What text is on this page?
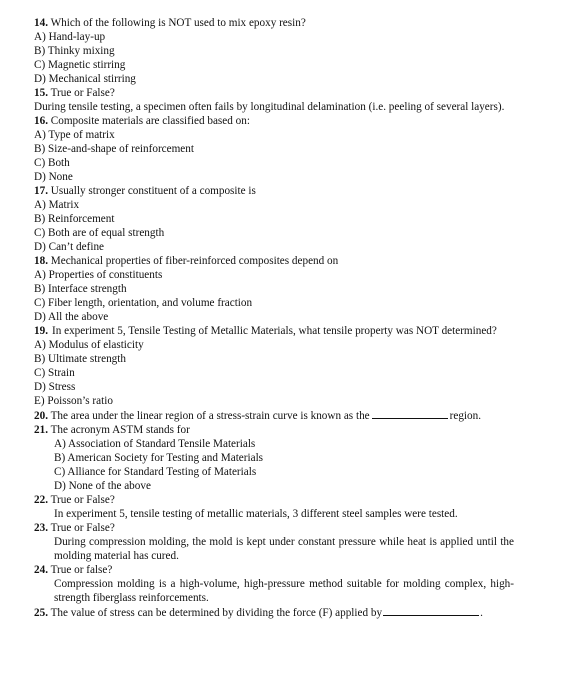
14. Which of the following is NOT used to mix epoxy resin?
A) Hand-lay-up
B) Thinky mixing
C) Magnetic stirring
D) Mechanical stirring
15. True or False?
During tensile testing, a specimen often fails by longitudinal delamination (i.e. peeling of several layers).
16. Composite materials are classified based on:
A) Type of matrix
B) Size-and-shape of reinforcement
C) Both
D) None
17. Usually stronger constituent of a composite is
A) Matrix
B) Reinforcement
C) Both are of equal strength
D) Can’t define
18. Mechanical properties of fiber-reinforced composites depend on
A) Properties of constituents
B) Interface strength
C) Fiber length, orientation, and volume fraction
D) All the above
19. In experiment 5, Tensile Testing of Metallic Materials, what tensile property was NOT determined?
A) Modulus of elasticity
B) Ultimate strength
C) Strain
D) Stress
E) Poisson’s ratio
20. The area under the linear region of a stress-strain curve is known as the	region.
21. The acronym ASTM stands for
A) Association of Standard Tensile Materials
B) American Society for Testing and Materials
C) Alliance for Standard Testing of Materials
D) None of the above
22. True or False?
In experiment 5, tensile testing of metallic materials, 3 different steel samples were tested.
23. True or False?
During compression molding, the mold is kept under constant pressure while heat is applied until the molding material has cured.
24. True or false?
Compression molding is a high-volume, high-pressure method suitable for molding complex, high-strength fiberglass reinforcements.
25. The value of stress can be determined by dividing the force (F) applied by	.
